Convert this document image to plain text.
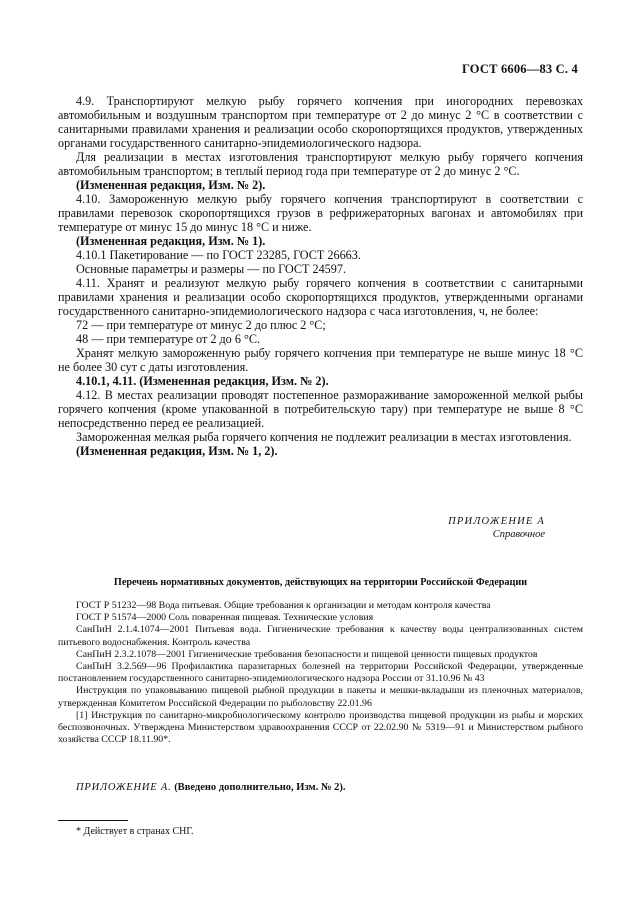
ГОСТ 6606—83 С. 4

4.9. Транспортируют мелкую рыбу горячего копчения при иногородних перевозках автомобильным и воздушным транспортом при температуре от 2 до минус 2 °С в соответствии с санитарными правилами хранения и реализации особо скоропортящихся продуктов, утвержденных органами государственного санитарно-эпидемиологического надзора.

Для реализации в местах изготовления транспортируют мелкую рыбу горячего копчения автомобильным транспортом; в теплый период года при температуре от 2 до минус 2 °С.

(Измененная редакция, Изм. № 2).

4.10. Замороженную мелкую рыбу горячего копчения транспортируют в соответствии с правилами перевозок скоропортящихся грузов в рефрижераторных вагонах и автомобилях при температуре от минус 15 до минус 18 °С и ниже.

(Измененная редакция, Изм. № 1).

4.10.1 Пакетирование — по ГОСТ 23285, ГОСТ 26663.

Основные параметры и размеры — по ГОСТ 24597.

4.11. Хранят и реализуют мелкую рыбу горячего копчения в соответствии с санитарными правилами хранения и реализации особо скоропортящихся продуктов, утвержденными органами государственного санитарно-эпидемиологического надзора с часа изготовления, ч, не более:

72 — при температуре от минус 2 до плюс 2 °С;

48 — при температуре от 2 до 6 °С.

Хранят мелкую замороженную рыбу горячего копчения при температуре не выше минус 18 °С не более 30 сут с даты изготовления.

4.10.1, 4.11. (Измененная редакция, Изм. № 2).

4.12. В местах реализации проводят постепенное размораживание замороженной мелкой рыбы горячего копчения (кроме упакованной в потребительскую тару) при температуре не выше 8 °С непосредственно перед ее реализацией.

Замороженная мелкая рыба горячего копчения не подлежит реализации в местах изготовления.

(Измененная редакция, Изм. № 1, 2).

ПРИЛОЖЕНИЕ А
Справочное
Перечень нормативных документов, действующих на территории Российской Федерации

ГОСТ Р 51232—98 Вода питьевая. Общие требования к организации и методам контроля качества

ГОСТ Р 51574—2000 Соль поваренная пищевая. Технические условия

СанПиН 2.1.4.1074—2001 Питьевая вода. Гигиенические требования к качеству воды централизованных систем питьевого водоснабжения. Контроль качества

СанПиН 2.3.2.1078—2001 Гигиенические требования безопасности и пищевой ценности пищевых продуктов

СанПиН 3.2.569—96 Профилактика паразитарных болезней на территории Российской Федерации, утвержденные постановлением государственного санитарно-эпидемиологического надзора России от 31.10.96 № 43

Инструкция по упаковыванию пищевой рыбной продукции в пакеты и мешки-вкладыши из пленочных материалов, утвержденная Комитетом Российской Федерации по рыболовству 22.01.96

[1] Инструкция по санитарно-микробиологическому контролю производства пищевой продукции из рыбы и морских беспозвоночных. Утверждена Министерством здравоохранения СССР от 22.02.90 № 5319—91 и Министерством рыбного хозяйства СССР 18.11.90*.

ПРИЛОЖЕНИЕ А. (Введено дополнительно, Изм. № 2).
* Действует в странах СНГ.
